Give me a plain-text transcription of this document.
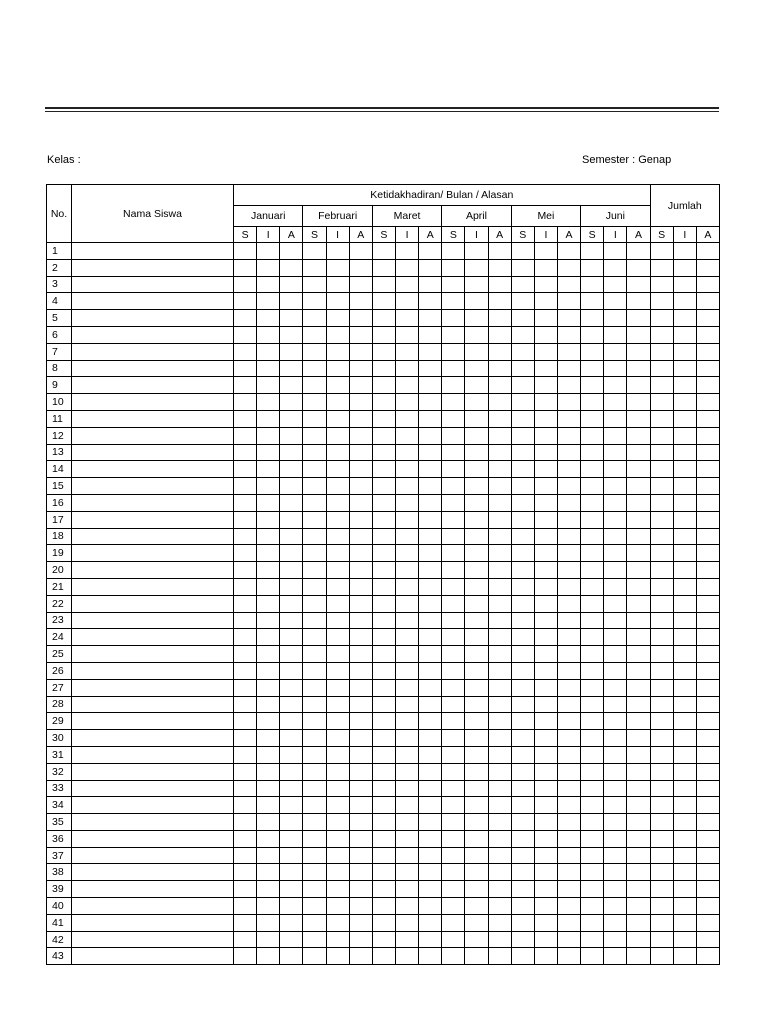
Kelas :	Semester : Genap
No.	Nama Siswa	Ketidakhadiran/ Bulan / Alasan																		Jumlah		
		Januari			Februari			Maret			April			Mei			Juni					
		S	I	A	S	I	A	S	I	A	S	I	A	S	I	A	S	I	A	S	I	A
1																						
2																						
3																						
4																						
5																						
6																						
7																						
8																						
9																						
10																						
11																						
12																						
13																						
14																						
15																						
16																						
17																						
18																						
19																						
20																						
21																						
22																						
23																						
24																						
25																						
26																						
27																						
28																						
29																						
30																						
31																						
32																						
33																						
34																						
35																						
36																						
37																						
38																						
39																						
40																						
41																						
42																						
43																						
